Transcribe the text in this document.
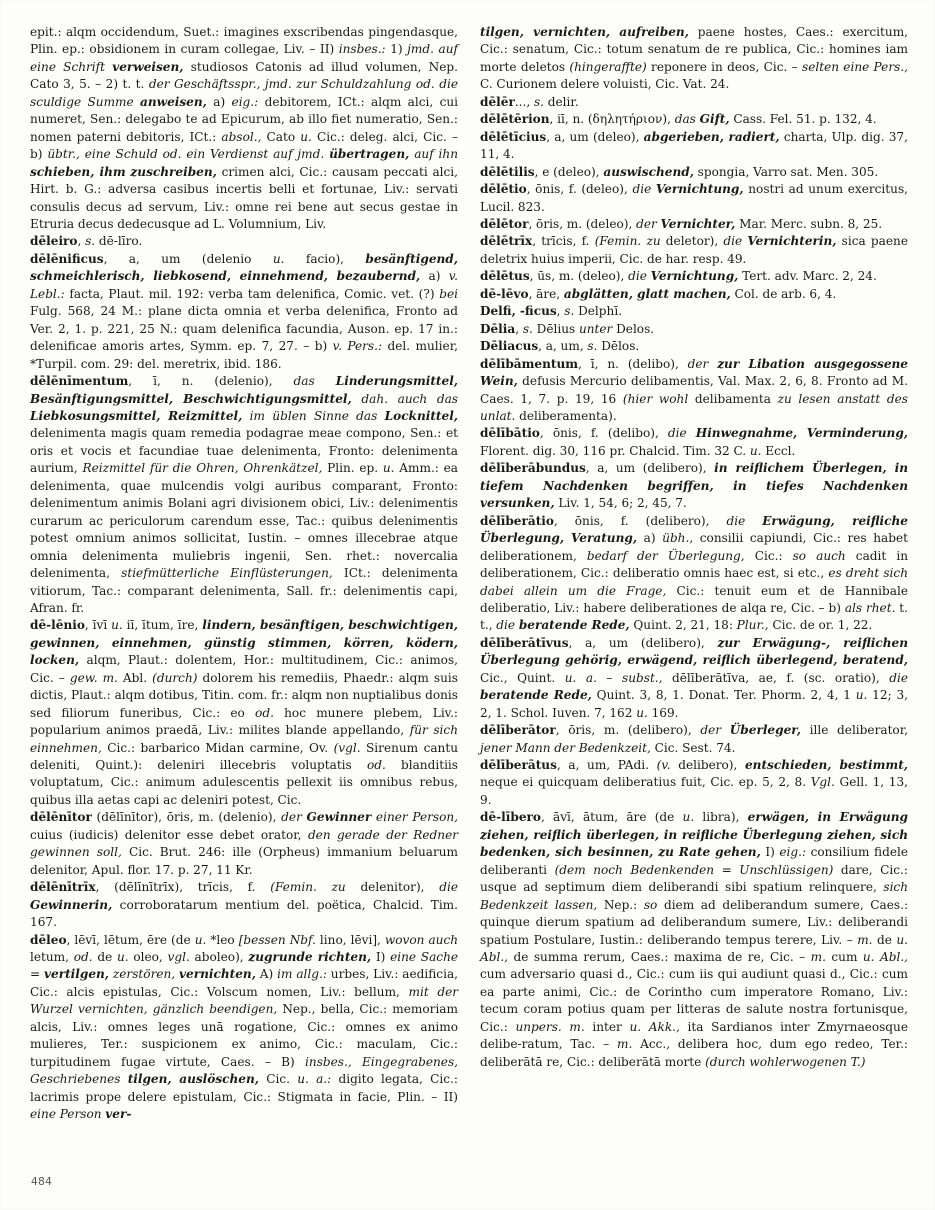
epit.: alqm occidendum, Suet.: imagines exscribendas pingendasque, Plin. ep.: obsidionem in curam collegae, Liv. – II) insbes.: 1) jmd. auf eine Schrift verweisen, studiosos Catonis ad illud volumen, Nep. Cato 3, 5. – 2) t. t. der Geschäftsspr., jmd. zur Schuldzahlung od. die sculdige Summe anweisen, a) eig.: debitorem, ICt.: alqm alci, cui numeret, Sen.: delegabo te ad Epicurum, ab illo fiet numeratio, Sen.: nomen paterni debitoris, ICt.: absol., Cato u. Cic.: deleg. alci, Cic. – b) übtr., eine Schuld od. ein Verdienst auf jmd. übertragen, auf ihn schieben, ihm zuschreiben, crimen alci, Cic.: causam peccati alci, Hirt. b. G.: adversa casibus incertis belli et fortunae, Liv.: servati consulis decus ad servum, Liv.: omne rei bene aut secus gestae in Etruria decus dedecusque ad L. Volumnium, Liv.

dēleiro, s. dē-līro.

dēlēnificus, a, um (delenio u. facio), besänftigend, schmeichlerisch, liebkosend, einnehmend, bezaubernd, a) v. Lebl.: facta, Plaut. mil. 192: verba tam delenifica, Comic. vet. (?) bei Fulg. 568, 24 M.: plane dicta omnia et verba delenifica, Fronto ad Ver. 2, 1. p. 221, 25 N.: quam delenifica facundia, Auson. ep. 17 in.: delenificae amoris artes, Symm. ep. 7, 27. – b) v. Pers.: del. mulier, *Turpil. com. 29: del. meretrix, ibid. 186.

dēlēnīmentum, ī, n. (delenio), das Linderungsmittel, Besänftigungsmittel, Beschwichtigungsmittel, dah. auch das Liebkosungsmittel, Reizmittel, im üblen Sinne das Locknittel, delenimenta magis quam remedia podagrae meae compono, Sen.: et oris et vocis et facundiae tuae delenimenta, Fronto: delenimenta aurium, Reizmittel für die Ohren, Ohrenkätzel, Plin. ep. u. Amm.: ea delenimenta, quae mulcendis volgi auribus comparant, Fronto: delenimentum animis Bolani agri divisionem obici, Liv.: delenimentis curarum ac periculorum carendum esse, Tac.: quibus delenimentis potest omnium animos sollicitat, Iustin. – omnes illecebrae atque omnia delenimenta muliebris ingenii, Sen. rhet.: novercalia delenimenta, stiefmütterliche Einflüsterungen, ICt.: delenimenta vitiorum, Tac.: comparant delenimenta, Sall. fr.: delenimentis capi, Afran. fr.

dē-lēnio, īvī u. iī, ītum, īre, lindern, besänftigen, beschwichtigen, gewinnen, einnehmen, günstig stimmen, körren, ködern, locken, alqm, Plaut.: dolentem, Hor.: multitudinem, Cic.: animos, Cic. – gew. m. Abl. (durch) dolorem his remediis, Phaedr.: alqm suis dictis, Plaut.: alqm dotibus, Titin. com. fr.: alqm non nuptialibus donis sed filiorum funeribus, Cic.: eo od. hoc munere plebem, Liv.: popularium animos praedā, Liv.: milites blande appellando, für sich einnehmen, Cic.: barbarico Midan carmine, Ov. (vgl. Sirenum cantu deleniti, Quint.): deleniri illecebris voluptatis od. blanditiis voluptatum, Cic.: animum adulescentis pellexit iis omnibus rebus, quibus illa aetas capi ac deleniri potest, Cic.

dēlēnītor (dēlīnītor), ōris, m. (delenio), der Gewinner einer Person, cuius (iudicis) delenitor esse debet orator, den gerade der Redner gewinnen soll, Cic. Brut. 246: ille (Orpheus) immanium beluarum delenitor, Apul. flor. 17. p. 27, 11 Kr.

dēlēnītrīx, (dēlīnītrīx), trīcis, f. (Femin. zu delenitor), die Gewinnerin, corroboratarum mentium del. poëtica, Chalcid. Tim. 167.

dēleo, lēvī, lētum, ēre (de u. *leo [bessen Nbf. lino, lēvi], wovon auch letum, od. de u. oleo, vgl. aboleo), zugrunde richten, I) eine Sache = vertilgen, zerstören, vernichten, A) im allg.: urbes, Liv.: aedificia, Cic.: alcis epistulas, Cic.: Volscum nomen, Liv.: bellum, mit der Wurzel vernichten, gänzlich beendigen, Nep., bella, Cic.: memoriam alcis, Liv.: omnes leges unā rogatione, Cic.: omnes ex animo mulieres, Ter.: suspicionem ex animo, Cic.: maculam, Cic.: turpitudinem fugae virtute, Caes. – B) insbes., Eingegrabenes, Geschriebenes tilgen, auslöschen, Cic. u. a.: digito legata, Cic.: lacrimis prope delere epistulam, Cic.: Stigmata in facie, Plin. – II) eine Person ver-

tilgen, vernichten, aufreiben, paene hostes, Caes.: exercitum, Cic.: senatum, Cic.: totum senatum de re publica, Cic.: homines iam morte deletos (hingeraffte) reponere in deos, Cic. – selten eine Pers., C. Curionem delere voluisti, Cic. Vat. 24.

dēlēr..., s. delir.

dēlētērion, iī, n. (δηλητήριον), das Gift, Cass. Fel. 51. p. 132, 4.

dēlētīcius, a, um (deleo), abgerieben, radiert, charta, Ulp. dig. 37, 11, 4.

dēlētilis, e (deleo), auswischend, spongia, Varro sat. Men. 305.

dēlētio, ōnis, f. (deleo), die Vernichtung, nostri ad unum exercitus, Lucil. 823.

dēlētor, ōris, m. (deleo), der Vernichter, Mar. Merc. subn. 8, 25.

dēlētrīx, trīcis, f. (Femin. zu deletor), die Vernichterin, sica paene deletrix huius imperii, Cic. de har. resp. 49.

dēlētus, ūs, m. (deleo), die Vernichtung, Tert. adv. Marc. 2, 24.

dē-lēvo, āre, abglätten, glatt machen, Col. de arb. 6, 4.

Delfi, -ficus, s. Delphī.

Dēlia, s. Dēlius unter Delos.

Dēliacus, a, um, s. Dēlos.

dēlībāmentum, ī, n. (delibo), der zur Libation ausgegossene Wein, defusis Mercurio delibamentis, Val. Max. 2, 6, 8. Fronto ad M. Caes. 1, 7. p. 19, 16 (hier wohl delibamenta zu lesen anstatt des unlat. deliberamenta).

dēlībātio, ōnis, f. (delibo), die Hinwegnahme, Verminderung, Florent. dig. 30, 116 pr. Chalcid. Tim. 32 C. u. Eccl.

dēlīberābundus, a, um (delibero), in reiflichem Überlegen, in tiefem Nachdenken begriffen, in tiefes Nachdenken versunken, Liv. 1, 54, 6; 2, 45, 7.

dēlīberātio, ōnis, f. (delibero), die Erwägung, reifliche Überlegung, Veratung, a) übh., consilii capiundi, Cic.: res habet deliberationem, bedarf der Überlegung, Cic.: so auch cadit in deliberationem, Cic.: deliberatio omnis haec est, si etc., es dreht sich dabei allein um die Frage, Cic.: tenuit eum et de Hannibale deliberatio, Liv.: habere deliberationes de alqa re, Cic. – b) als rhet. t. t., die beratende Rede, Quint. 2, 21, 18: Plur., Cic. de or. 1, 22.

dēlīberātīvus, a, um (delibero), zur Erwägung-, reiflichen Überlegung gehörig, erwägend, reiflich überlegend, beratend, Cic., Quint. u. a. – subst., dēlīberātīva, ae, f. (sc. oratio), die beratende Rede, Quint. 3, 8, 1. Donat. Ter. Phorm. 2, 4, 1 u. 12; 3, 2, 1. Schol. Iuven. 7, 162 u. 169.

dēlīberātor, ōris, m. (delibero), der Überleger, ille deliberator, jener Mann der Bedenkzeit, Cic. Sest. 74.

dēlīberātus, a, um, PAdi. (v. delibero), entschieden, bestimmt, neque ei quicquam deliberatius fuit, Cic. ep. 5, 2, 8. Vgl. Gell. 1, 13, 9.

dē-lībero, āvī, ātum, āre (de u. libra), erwägen, in Erwägung ziehen, reiflich überlegen, in reifliche Überlegung ziehen, sich bedenken, sich besinnen, zu Rate gehen, I) eig.: consilium fidele deliberanti (dem noch Bedenkenden = Unschlüssigen) dare, Cic.: usque ad septimum diem deliberandi sibi spatium relinquere, sich Bedenkzeit lassen, Nep.: so diem ad deliberandum sumere, Caes.: quinque dierum spatium ad deliberandum sumere, Liv.: deliberandi spatium Postulare, Iustin.: deliberando tempus terere, Liv. – m. de u. Abl., de summa rerum, Caes.: maxima de re, Cic. – m. cum u. Abl., cum adversario quasi d., Cic.: cum iis qui audiunt quasi d., Cic.: cum ea parte animi, Cic.: de Corintho cum imperatore Romano, Liv.: tecum coram potius quam per litteras de salute nostra fortunisque, Cic.: unpers. m. inter u. Akk., ita Sardianos inter Zmyrnaeosque delibe‐ratum, Tac. – m. Acc., delibera hoc, dum ego redeo, Ter.: deliberātā re, Cic.: deliberātā morte (durch wohlerwogenen T.)

484
